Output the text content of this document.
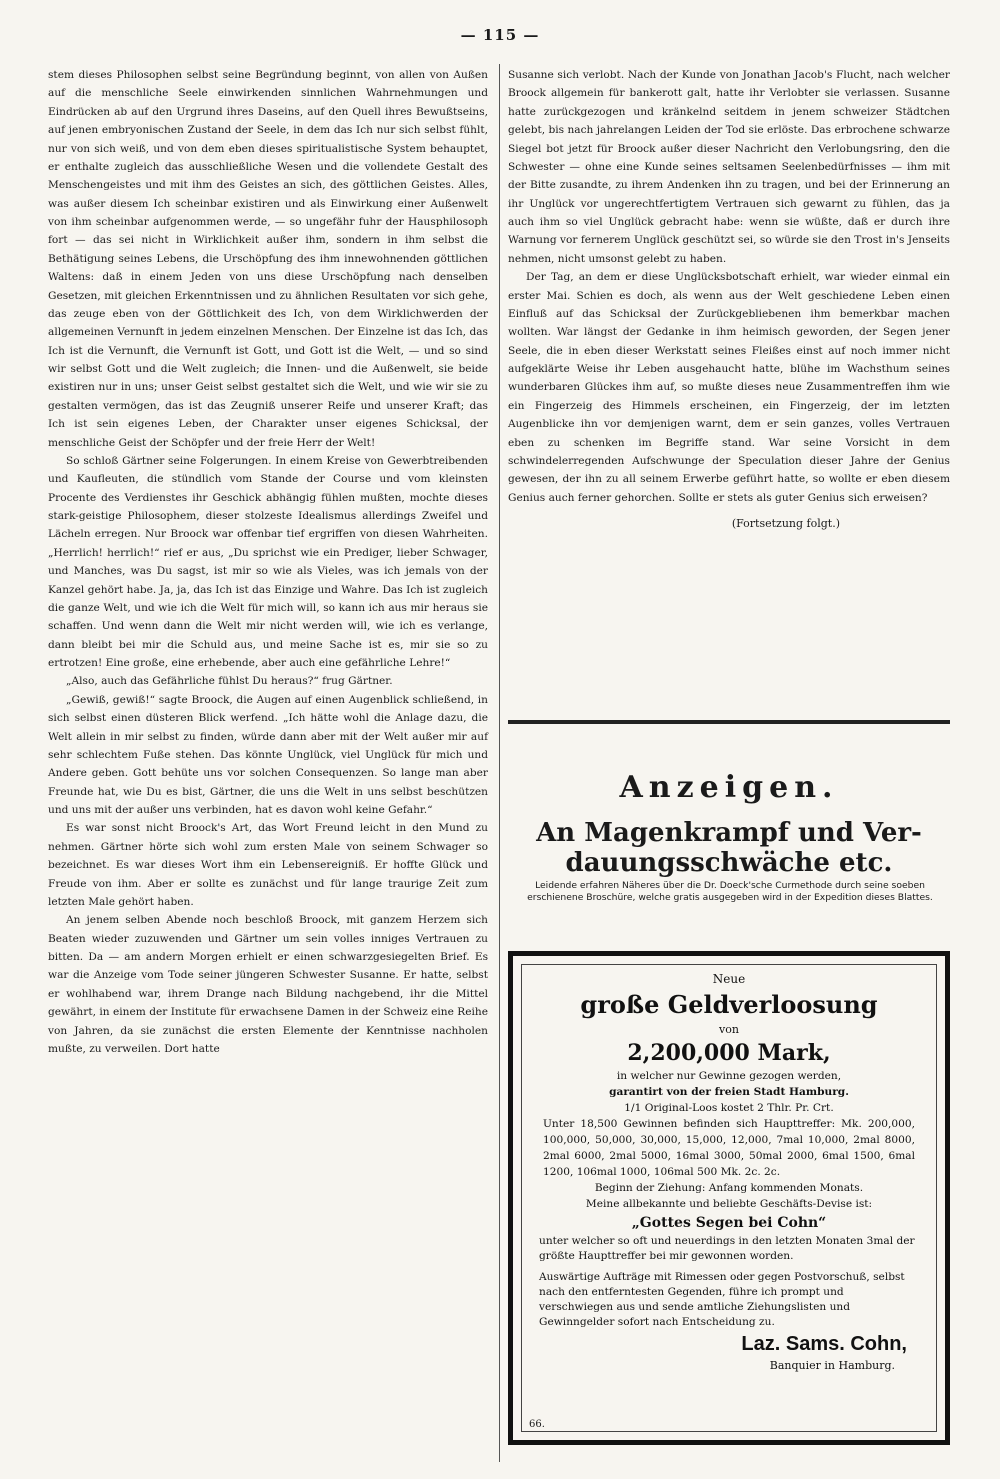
— 115 —

stem dieses Philosophen selbst seine Begründung beginnt, von allen von Außen auf die menschliche Seele einwirkenden sinnlichen Wahrnehmungen und Eindrücken ab auf den Urgrund ihres Daseins, auf den Quell ihres Bewußtseins, auf jenen embryonischen Zustand der Seele, in dem das Ich nur sich selbst fühlt, nur von sich weiß, und von dem eben dieses spiritualistische System behauptet, er enthalte zugleich das ausschließliche Wesen und die vollendete Gestalt des Menschengeistes und mit ihm des Geistes an sich, des göttlichen Geistes. Alles, was außer diesem Ich scheinbar existiren und als Einwirkung einer Außenwelt von ihm scheinbar aufgenommen werde, — so ungefähr fuhr der Hausphilosoph fort — das sei nicht in Wirklichkeit außer ihm, sondern in ihm selbst die Bethätigung seines Lebens, die Urschöpfung des ihm innewohnenden göttlichen Waltens: daß in einem Jeden von uns diese Urschöpfung nach denselben Gesetzen, mit gleichen Erkenntnissen und zu ähnlichen Resultaten vor sich gehe, das zeuge eben von der Göttlichkeit des Ich, von dem Wirklichwerden der allgemeinen Vernunft in jedem einzelnen Menschen. Der Einzelne ist das Ich, das Ich ist die Vernunft, die Vernunft ist Gott, und Gott ist die Welt, — und so sind wir selbst Gott und die Welt zugleich; die Innen- und die Außenwelt, sie beide existiren nur in uns; unser Geist selbst gestaltet sich die Welt, und wie wir sie zu gestalten vermögen, das ist das Zeugniß unserer Reife und unserer Kraft; das Ich ist sein eigenes Leben, der Charakter unser eigenes Schicksal, der menschliche Geist der Schöpfer und der freie Herr der Welt!

So schloß Gärtner seine Folgerungen. In einem Kreise von Gewerbtreibenden und Kaufleuten, die stündlich vom Stande der Course und vom kleinsten Procente des Verdienstes ihr Geschick abhängig fühlen mußten, mochte dieses stark-geistige Philosophem, dieser stolzeste Idealismus allerdings Zweifel und Lächeln erregen. Nur Broock war offenbar tief ergriffen von diesen Wahrheiten. „Herrlich! herrlich!“ rief er aus, „Du sprichst wie ein Prediger, lieber Schwager, und Manches, was Du sagst, ist mir so wie als Vieles, was ich jemals von der Kanzel gehört habe. Ja, ja, das Ich ist das Einzige und Wahre. Das Ich ist zugleich die ganze Welt, und wie ich die Welt für mich will, so kann ich aus mir heraus sie schaffen. Und wenn dann die Welt mir nicht werden will, wie ich es verlange, dann bleibt bei mir die Schuld aus, und meine Sache ist es, mir sie so zu ertrotzen! Eine große, eine erhebende, aber auch eine gefährliche Lehre!“

„Also, auch das Gefährliche fühlst Du heraus?“ frug Gärtner.

„Gewiß, gewiß!“ sagte Broock, die Augen auf einen Augenblick schließend, in sich selbst einen düsteren Blick werfend. „Ich hätte wohl die Anlage dazu, die Welt allein in mir selbst zu finden, würde dann aber mit der Welt außer mir auf sehr schlechtem Fuße stehen. Das könnte Unglück, viel Unglück für mich und Andere geben. Gott behüte uns vor solchen Consequenzen. So lange man aber Freunde hat, wie Du es bist, Gärtner, die uns die Welt in uns selbst beschützen und uns mit der außer uns verbinden, hat es davon wohl keine Gefahr.“

Es war sonst nicht Broock's Art, das Wort Freund leicht in den Mund zu nehmen. Gärtner hörte sich wohl zum ersten Male von seinem Schwager so bezeichnet. Es war dieses Wort ihm ein Lebensereigniß. Er hoffte Glück und Freude von ihm. Aber er sollte es zunächst und für lange traurige Zeit zum letzten Male gehört haben.

An jenem selben Abende noch beschloß Broock, mit ganzem Herzem sich Beaten wieder zuzuwenden und Gärtner um sein volles inniges Vertrauen zu bitten. Da — am andern Morgen erhielt er einen schwarzgesiegelten Brief. Es war die Anzeige vom Tode seiner jüngeren Schwester Susanne. Er hatte, selbst er wohlhabend war, ihrem Drange nach Bildung nachgebend, ihr die Mittel gewährt, in einem der Institute für erwachsene Damen in der Schweiz eine Reihe von Jahren, da sie zunächst die ersten Elemente der Kenntnisse nachholen mußte, zu verweilen. Dort hatte

Susanne sich verlobt. Nach der Kunde von Jonathan Jacob's Flucht, nach welcher Broock allgemein für bankerott galt, hatte ihr Verlobter sie verlassen. Susanne hatte zurückgezogen und kränkelnd seitdem in jenem schweizer Städtchen gelebt, bis nach jahrelangen Leiden der Tod sie erlöste. Das erbrochene schwarze Siegel bot jetzt für Broock außer dieser Nachricht den Verlobungsring, den die Schwester — ohne eine Kunde seines seltsamen Seelenbedürfnisses — ihm mit der Bitte zusandte, zu ihrem Andenken ihn zu tragen, und bei der Erinnerung an ihr Unglück vor ungerechtfertigtem Vertrauen sich gewarnt zu fühlen, das ja auch ihm so viel Unglück gebracht habe: wenn sie wüßte, daß er durch ihre Warnung vor fernerem Unglück geschützt sei, so würde sie den Trost in's Jenseits nehmen, nicht umsonst gelebt zu haben.

Der Tag, an dem er diese Unglücksbotschaft erhielt, war wieder einmal ein erster Mai. Schien es doch, als wenn aus der Welt geschiedene Leben einen Einfluß auf das Schicksal der Zurückgebliebenen ihm bemerkbar machen wollten. War längst der Gedanke in ihm heimisch geworden, der Segen jener Seele, die in eben dieser Werkstatt seines Fleißes einst auf noch immer nicht aufgeklärte Weise ihr Leben ausgehaucht hatte, blühe im Wachsthum seines wunderbaren Glückes ihm auf, so mußte dieses neue Zusammentreffen ihm wie ein Fingerzeig des Himmels erscheinen, ein Fingerzeig, der im letzten Augenblicke ihn vor demjenigen warnt, dem er sein ganzes, volles Vertrauen eben zu schenken im Begriffe stand. War seine Vorsicht in dem schwindelerregenden Aufschwunge der Speculation dieser Jahre der Genius gewesen, der ihn zu all seinem Erwerbe geführt hatte, so wollte er eben diesem Genius auch ferner gehorchen. Sollte er stets als guter Genius sich erweisen?

(Fortsetzung folgt.)
Anzeigen.
An Magenkrampf und Ver-
dauungsschwäche etc.
Leidende erfahren Näheres über die Dr. Doeck'sche Curmethode durch seine soeben erschienene Broschüre, welche gratis ausgegeben wird in der Expedition dieses Blattes.
Neue
große Geldverloosung
von
2,200,000 Mark,
in welcher nur Gewinne gezogen werden,
garantirt von der freien Stadt Hamburg.
1/1 Original-Loos kostet 2 Thlr. Pr. Crt.
Unter 18,500 Gewinnen befinden sich Haupttreffer: Mk. 200,000, 100,000, 50,000, 30,000, 15,000, 12,000, 7mal 10,000, 2mal 8000, 2mal 6000, 2mal 5000, 16mal 3000, 50mal 2000, 6mal 1500, 6mal 1200, 106mal 1000, 106mal 500 Mk. 2c. 2c.
Beginn der Ziehung: Anfang kommenden Monats.
Meine allbekannte und beliebte Geschäfts-Devise ist:
„Gottes Segen bei Cohn“
unter welcher so oft und neuerdings in den letzten Monaten 3mal der größte Haupttreffer bei mir gewonnen worden.
Auswärtige Aufträge mit Rimessen oder gegen Postvorschuß, selbst nach den entferntesten Gegenden, führe ich prompt und verschwiegen aus und sende amtliche Ziehungslisten und Gewinngelder sofort nach Entscheidung zu.
Laz. Sams. Cohn,
Banquier in Hamburg.
66.
